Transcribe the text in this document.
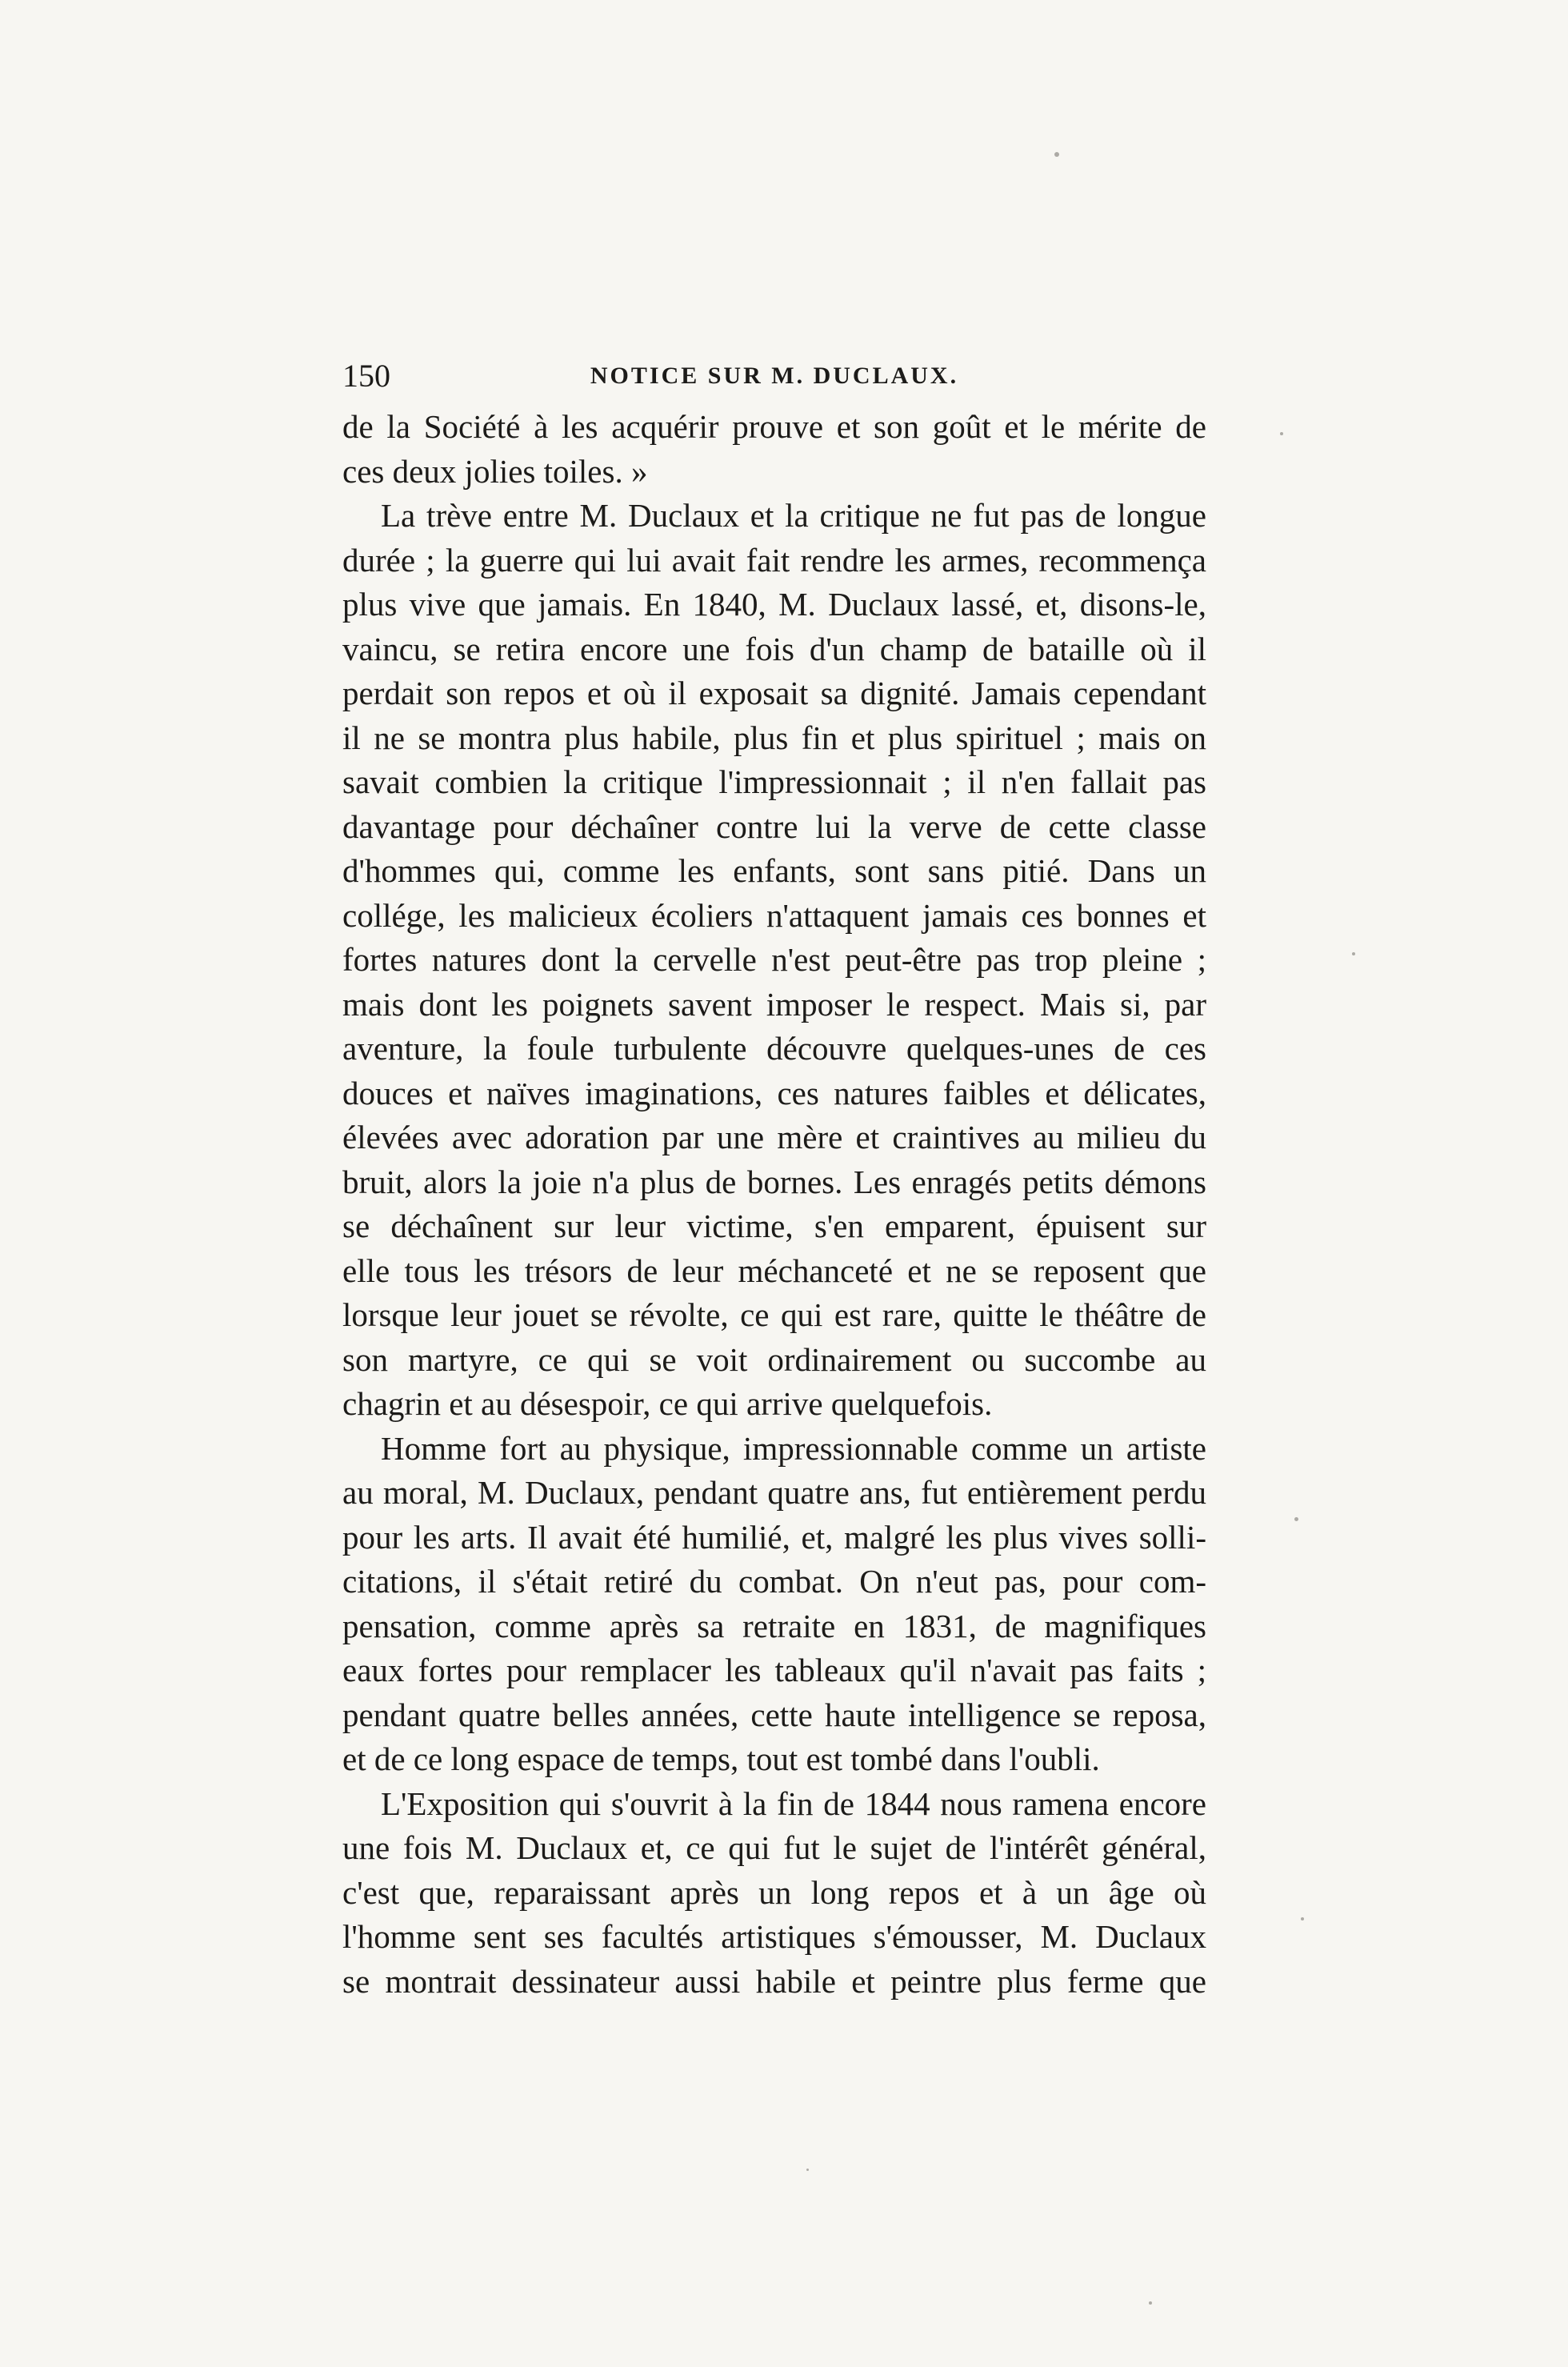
150	NOTICE SUR M. DUCLAUX.
de la Société à les acquérir prouve et son goût et le mérite de
ces deux jolies toiles. »
La trève entre M. Duclaux et la critique ne fut pas de longue
durée ; la guerre qui lui avait fait rendre les armes, recommença
plus vive que jamais. En 1840, M. Duclaux lassé, et, disons-le,
vaincu, se retira encore une fois d'un champ de bataille où il
perdait son repos et où il exposait sa dignité. Jamais cependant
il ne se montra plus habile, plus fin et plus spirituel ; mais on
savait combien la critique l'impressionnait ; il n'en fallait pas
davantage pour déchaîner contre lui la verve de cette classe
d'hommes qui, comme les enfants, sont sans pitié. Dans un
collége, les malicieux écoliers n'attaquent jamais ces bonnes et
fortes natures dont la cervelle n'est peut-être pas trop pleine ;
mais dont les poignets savent imposer le respect. Mais si, par
aventure, la foule turbulente découvre quelques-unes de ces
douces et naïves imaginations, ces natures faibles et délicates,
élevées avec adoration par une mère et craintives au milieu du
bruit, alors la joie n'a plus de bornes. Les enragés petits démons
se déchaînent sur leur victime, s'en emparent, épuisent sur
elle tous les trésors de leur méchanceté et ne se reposent que
lorsque leur jouet se révolte, ce qui est rare, quitte le théâtre de
son martyre, ce qui se voit ordinairement ou succombe au
chagrin et au désespoir, ce qui arrive quelquefois.
Homme fort au physique, impressionnable comme un artiste
au moral, M. Duclaux, pendant quatre ans, fut entièrement perdu
pour les arts. Il avait été humilié, et, malgré les plus vives solli-
citations, il s'était retiré du combat. On n'eut pas, pour com-
pensation, comme après sa retraite en 1831, de magnifiques
eaux fortes pour remplacer les tableaux qu'il n'avait pas faits ;
pendant quatre belles années, cette haute intelligence se reposa,
et de ce long espace de temps, tout est tombé dans l'oubli.
L'Exposition qui s'ouvrit à la fin de 1844 nous ramena encore
une fois M. Duclaux et, ce qui fut le sujet de l'intérêt général,
c'est que, reparaissant après un long repos et à un âge où
l'homme sent ses facultés artistiques s'émousser, M. Duclaux
se montrait dessinateur aussi habile et peintre plus ferme que
